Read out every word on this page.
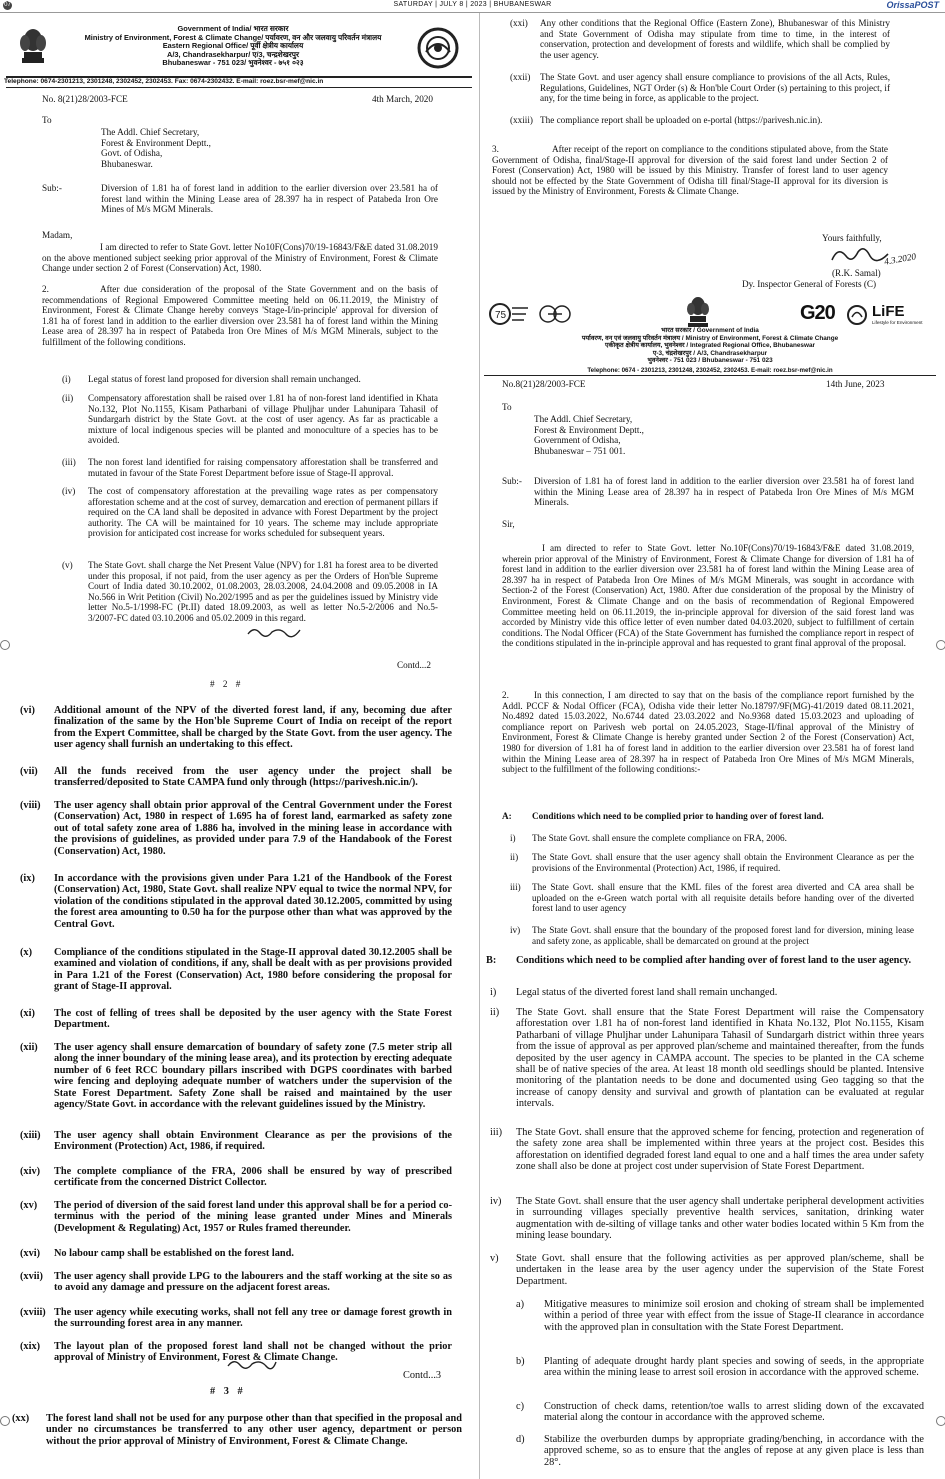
07	SATURDAY | JULY 8 | 2023 | BHUBANESWAR	OrissaPOST
Government of India/ भारत सरकार
Ministry of Environment, Forest & Climate Change/ पर्यावरण, वन और जलवायु परिवर्तन मंत्रालय
Eastern Regional Office/ पूर्वी क्षेत्रीय कार्यालय
A/3, Chandrasekharpur/ ए/3, चन्द्रशेखरपुर
Bhubaneswar - 751 023/ भुवनेश्वर - ७५१ ०२३
Telephone: 0674-2301213, 2301248, 2302452, 2302453. Fax: 0674-2302432. E-mail: roez.bsr-mef@nic.in
No. 8(21)28/2003-FCE	4th March, 2020
To
The Addl. Chief Secretary,
Forest & Environment Deptt.,
Govt. of Odisha,
Bhubaneswar.
Sub:-	Diversion of 1.81 ha of forest land in addition to the earlier diversion over 23.581 ha of forest land within the Mining Lease area of 28.397 ha in respect of Patabeda Iron Ore Mines of M/s MGM Minerals.
Madam,
I am directed to refer to State Govt. letter No10F(Cons)70/19-16843/F&E dated 31.08.2019 on the above mentioned subject seeking prior approval of the Ministry of Environment, Forest & Climate Change under section 2 of Forest (Conservation) Act, 1980.
2.	After due consideration of the proposal of the State Government and on the basis of recommendations of Regional Empowered Committee meeting held on 06.11.2019, the Ministry of Environment, Forest & Climate Change hereby conveys 'Stage-I/in-principle' approval for diversion of 1.81 ha of forest land in addition to the earlier diversion over 23.581 ha of forest land within the Mining Lease area of 28.397 ha in respect of Patabeda Iron Ore Mines of M/s MGM Minerals, subject to the fulfillment of the following conditions.
(i) Legal status of forest land proposed for diversion shall remain unchanged.
(ii) Compensatory afforestation shall be raised over 1.81 ha of non-forest land identified in Khata No.132, Plot No.1155, Kisam Patharbani of village Phuljhar under Lahunipara Tahasil of Sundargarh district by the State Govt. at the cost of user agency. As far as practicable a mixture of local indigenous species will be planted and monoculture of a species has to be avoided.
(iii) The non forest land identified for raising compensatory afforestation shall be transferred and mutated in favour of the State Forest Department before issue of Stage-II approval.
(iv) The cost of compensatory afforestation at the prevailing wage rates as per compensatory afforestation scheme and at the cost of survey, demarcation and erection of permanent pillars if required on the CA land shall be deposited in advance with Forest Department by the project authority. The CA will be maintained for 10 years. The scheme may include appropriate provision for anticipated cost increase for works scheduled for subsequent years.
(v) The State Govt. shall charge the Net Present Value (NPV) for 1.81 ha forest area to be diverted under this proposal, if not paid, from the user agency as per the Orders of Hon'ble Supreme Court of India dated 30.10.2002, 01.08.2003, 28.03.2008, 24.04.2008 and 09.05.2008 in IA No.566 in Writ Petition (Civil) No.202/1995 and as per the guidelines issued by Ministry vide letter No.5-1/1998-FC (Pt.II) dated 18.09.2003, as well as letter No.5-2/2006 and No.5-3/2007-FC dated 03.10.2006 and 05.02.2009 in this regard.
Contd...2
# 2 #
(vi) Additional amount of the NPV of the diverted forest land, if any, becoming due after finalization of the same by the Hon'ble Supreme Court of India on receipt of the report from the Expert Committee, shall be charged by the State Govt. from the user agency. The user agency shall furnish an undertaking to this effect.
(vii) All the funds received from the user agency under the project shall be transferred/deposited to State CAMPA fund only through (https://parivesh.nic.in/).
(viii) The user agency shall obtain prior approval of the Central Government under the Forest (Conservation) Act, 1980 in respect of 1.695 ha of forest land, earmarked as safety zone out of total safety zone area of 1.886 ha, involved in the mining lease in accordance with the provisions of guidelines, as provided under para 7.9 of the Handabook of the Forest (Conservation) Act, 1980.
(ix) In accordance with the provisions given under Para 1.21 of the Handbook of the Forest (Conservation) Act, 1980, State Govt. shall realize NPV equal to twice the normal NPV, for violation of the conditions stipulated in the approval dated 30.12.2005, committed by using the forest area amounting to 0.50 ha for the purpose other than what was approved by the Central Govt.
(x) Compliance of the conditions stipulated in the Stage-II approval dated 30.12.2005 shall be examined and violation of conditions, if any, shall be dealt with as per provisions provided in Para 1.21 of the Forest (Conservation) Act, 1980 before considering the proposal for grant of Stage-II approval.
(xi) The cost of felling of trees shall be deposited by the user agency with the State Forest Department.
(xii) The user agency shall ensure demarcation of boundary of safety zone (7.5 meter strip all along the inner boundary of the mining lease area), and its protection by erecting adequate number of 6 feet RCC boundary pillars inscribed with DGPS coordinates with barbed wire fencing and deploying adequate number of watchers under the supervision of the State Forest Department. Safety Zone shall be raised and maintained by the user agency/State Govt. in accordance with the relevant guidelines issued by the Ministry.
(xiii) The user agency shall obtain Environment Clearance as per the provisions of the Environment (Protection) Act, 1986, if required.
(xiv) The complete compliance of the FRA, 2006 shall be ensured by way of prescribed certificate from the concerned District Collector.
(xv) The period of diversion of the said forest land under this approval shall be for a period co-terminus with the period of the mining lease granted under Mines and Minerals (Development & Regulating) Act, 1957 or Rules framed thereunder.
(xvi) No labour camp shall be established on the forest land.
(xvii) The user agency shall provide LPG to the labourers and the staff working at the site so as to avoid any damage and pressure on the adjacent forest areas.
(xviii) The user agency while executing works, shall not fell any tree or damage forest growth in the surrounding forest area in any manner.
(xix) The layout plan of the proposed forest land shall not be changed without the prior approval of Ministry of Environment, Forest & Climate Change.
Contd...3
# 3 #
(xx) The forest land shall not be used for any purpose other than that specified in the proposal and under no circumstances be transferred to any other user agency, department or person without the prior approval of Ministry of Environment, Forest & Climate Change.
(xxi) Any other conditions that the Regional Office (Eastern Zone), Bhubaneswar of this Ministry and State Government of Odisha may stipulate from time to time, in the interest of conservation, protection and development of forests and wildlife, which shall be complied by the user agency.
(xxii) The State Govt. and user agency shall ensure compliance to provisions of the all Acts, Rules, Regulations, Guidelines, NGT Order (s) & Hon'ble Court Order (s) pertaining to this project, if any, for the time being in force, as applicable to the project.
(xxiii) The compliance report shall be uploaded on e-portal (https://parivesh.nic.in).
3.	After receipt of the report on compliance to the conditions stipulated above, from the State Government of Odisha, final/Stage-II approval for diversion of the said forest land under Section 2 of Forest (Conservation) Act, 1980 will be issued by this Ministry. Transfer of forest land to user agency should not be effected by the State Government of Odisha till final/Stage-II approval for its diversion is issued by the Ministry of Environment, Forests & Climate Change.
Yours faithfully,
4.3.2020
(R.K. Samal)
Dy. Inspector General of Forests (C)
75	G20 LiFE
Lifestyle for Environment
भारत सरकार / Government of India
पर्यावरण, वन एवं जलवायु परिवर्तन मंत्रालय / Ministry of Environment, Forest & Climate Change
एकीकृत क्षेत्रीय कार्यालय, भुवनेश्वर / Integrated Regional Office, Bhubaneswar
ए-3, चंद्रशेखरपुर / A/3, Chandrasekharpur
भुवनेश्वर - 751 023 / Bhubaneswar - 751 023
Telephone: 0674 - 2301213, 2301248, 2302452, 2302453. E-mail: roez.bsr-mef@nic.in
No.8(21)28/2003-FCE	14th June, 2023
To
The Addl. Chief Secretary,
Forest & Environment Deptt.,
Government of Odisha,
Bhubaneswar – 751 001.
Sub:- Diversion of 1.81 ha of forest land in addition to the earlier diversion over 23.581 ha of forest land within the Mining Lease area of 28.397 ha in respect of Patabeda Iron Ore Mines of M/s MGM Minerals.
Sir,
I am directed to refer to State Govt. letter No.10F(Cons)70/19-16843/F&E dated 31.08.2019, wherein prior approval of the Ministry of Environment, Forest & Climate Change for diversion of 1.81 ha of forest land in addition to the earlier diversion over 23.581 ha of forest land within the Mining Lease area of 28.397 ha in respect of Patabeda Iron Ore Mines of M/s MGM Minerals, was sought in accordance with Section-2 of the Forest (Conservation) Act, 1980. After due consideration of the proposal by the Ministry of Environment, Forest & Climate Change and on the basis of recommendation of Regional Empowered Committee meeting held on 06.11.2019, the in-principle approval for diversion of the said forest land was accorded by Ministry vide this office letter of even number dated 04.03.2020, subject to fulfillment of certain conditions. The Nodal Officer (FCA) of the State Government has furnished the compliance report in respect of the conditions stipulated in the in-principle approval and has requested to grant final approval of the proposal.
2.	In this connection, I am directed to say that on the basis of the compliance report furnished by the Addl. PCCF & Nodal Officer (FCA), Odisha vide their letter No.18797/9F(MG)-41/2019 dated 08.11.2021, No.4892 dated 15.03.2022, No.6744 dated 23.03.2022 and No.9368 dated 15.03.2023 and uploading of compliance report on Parivesh web portal on 24.05.2023, Stage-II/final approval of the Ministry of Environment, Forest & Climate Change is hereby granted under Section 2 of the Forest (Conservation) Act, 1980 for diversion of 1.81 ha of forest land in addition to the earlier diversion over 23.581 ha of forest land within the Mining Lease area of 28.397 ha in respect of Patabeda Iron Ore Mines of M/s MGM Minerals, subject to the fulfillment of the following conditions:-
A: Conditions which need to be complied prior to handing over of forest land.
i) The State Govt. shall ensure the complete compliance on FRA, 2006.
ii) The State Govt. shall ensure that the user agency shall obtain the Environment Clearance as per the provisions of the Environmental (Protection) Act, 1986, if required.
iii) The State Govt. shall ensure that the KML files of the forest area diverted and CA area shall be uploaded on the e-Green watch portal with all requisite details before handing over of the diverted forest land to user agency
iv) The State Govt. shall ensure that the boundary of the proposed forest land for diversion, mining lease and safety zone, as applicable, shall be demarcated on ground at the project
B: Conditions which need to be complied after handing over of forest land to the user agency.
i) Legal status of the diverted forest land shall remain unchanged.
ii) The State Govt. shall ensure that the State Forest Department will raise the Compensatory afforestation over 1.81 ha of non-forest land identified in Khata No.132, Plot No.1155, Kisam Patharbani of village Phuljhar under Lahunipara Tahasil of Sundargarh district within three years from the issue of approval as per approved plan/scheme and maintained thereafter, from the funds deposited by the user agency in CAMPA account. The species to be planted in the CA scheme shall be of native species of the area. At least 18 month old seedlings should be planted. Intensive monitoring of the plantation needs to be done and documented using Geo tagging so that the increase of canopy density and survival and growth of plantation can be evaluated at regular intervals.
iii) The State Govt. shall ensure that the approved scheme for fencing, protection and regeneration of the safety zone area shall be implemented within three years at the project cost. Besides this afforestation on identified degraded forest land equal to one and a half times the area under safety zone shall also be done at project cost under supervision of State Forest Department.
iv) The State Govt. shall ensure that the user agency shall undertake peripheral development activities in surrounding villages specially preventive health services, sanitation, drinking water augmentation with de-silting of village tanks and other water bodies located within 5 Km from the mining lease boundary.
v) State Govt. shall ensure that the following activities as per approved plan/scheme, shall be undertaken in the lease area by the user agency under the supervision of the State Forest Department.
a) Mitigative measures to minimize soil erosion and choking of stream shall be implemented within a period of three year with effect from the issue of Stage-II clearance in accordance with the approved plan in consultation with the State Forest Department.
b) Planting of adequate drought hardy plant species and sowing of seeds, in the appropriate area within the mining lease to arrest soil erosion in accordance with the approved scheme.
c) Construction of check dams, retention/toe walls to arrest sliding down of the excavated material along the contour in accordance with the approved scheme.
d) Stabilize the overburden dumps by appropriate grading/benching, in accordance with the approved scheme, so as to ensure that the angles of repose at any given place is less than 28°.
